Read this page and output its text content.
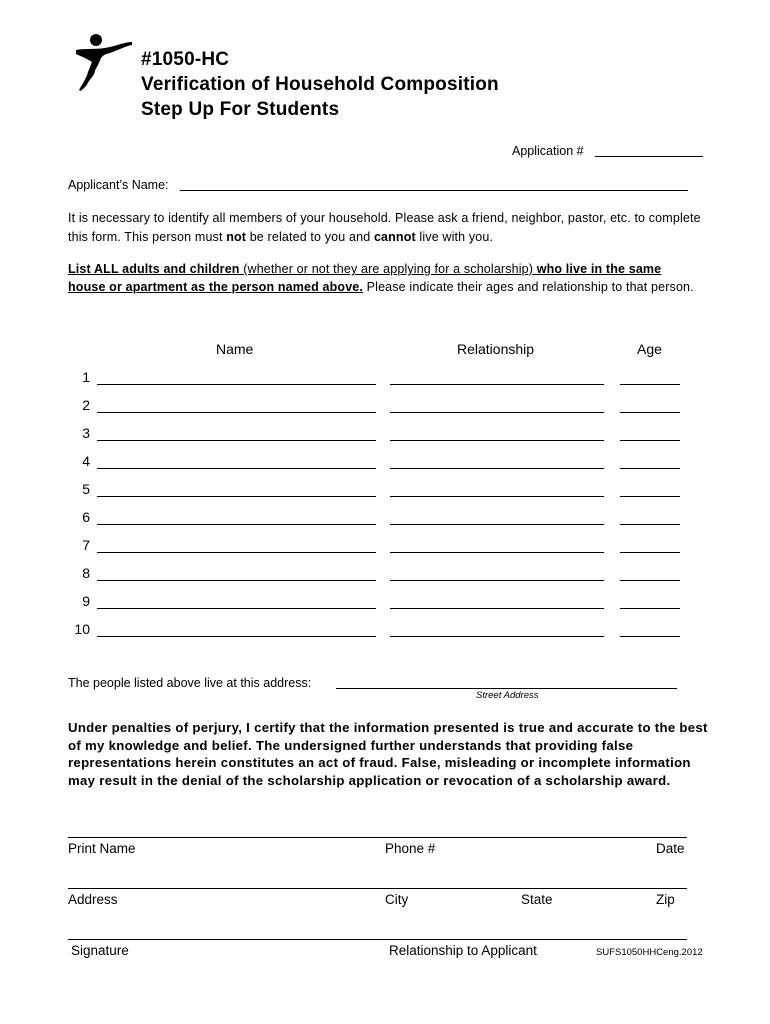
#1050-HC
Verification of Household Composition
Step Up For Students
Application #
Applicant’s Name:
It is necessary to identify all members of your household. Please ask a friend, neighbor, pastor, etc. to complete this form. This person must not be related to you and cannot live with you.
List ALL adults and children (whether or not they are applying for a scholarship) who live in the same house or apartment as the person named above. Please indicate their ages and relationship to that person.
Name	Relationship	Age
1
2
3
4
5
6
7
8
9
10
The people listed above live at this address:
Street Address
Under penalties of perjury, I certify that the information presented is true and accurate to the best of my knowledge and belief. The undersigned further understands that providing false representations herein constitutes an act of fraud. False, misleading or incomplete information may result in the denial of the scholarship application or revocation of a scholarship award.
Print Name	Phone #	Date
Address	City	State	Zip
Signature	Relationship to Applicant	SUFS1050HHCeng.2012
